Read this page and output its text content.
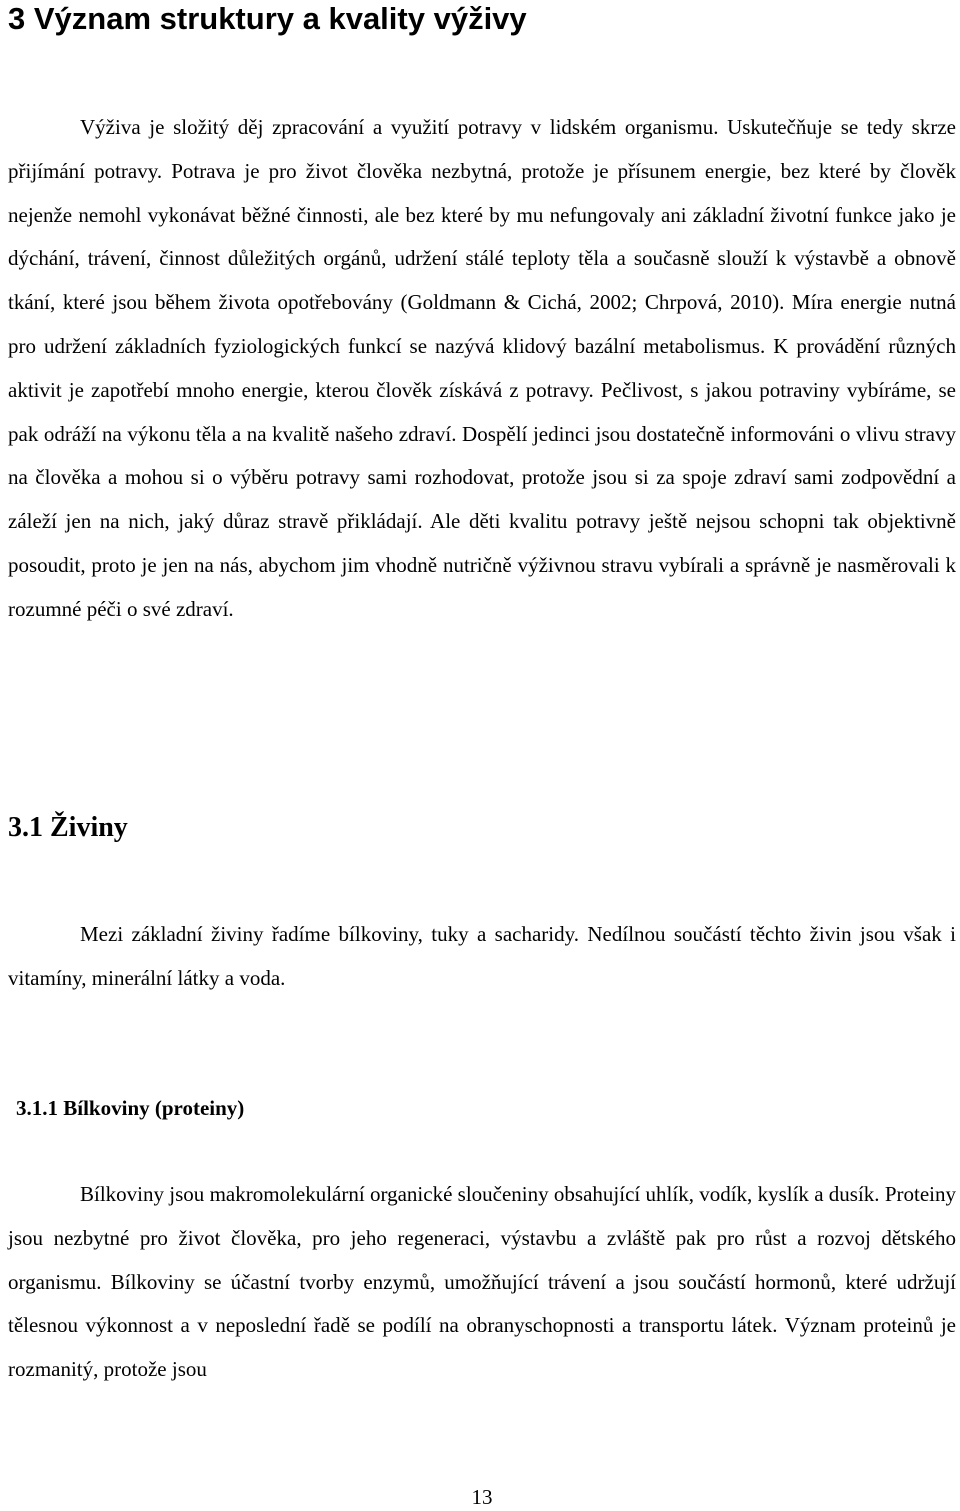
3 Význam struktury a kvality výživy

Výživa je složitý děj zpracování a využití potravy v lidském organismu. Uskutečňuje se tedy skrze přijímání potravy. Potrava je pro život člověka nezbytná, protože je přísunem energie, bez které by člověk nejenže nemohl vykonávat běžné činnosti, ale bez které by mu nefungovaly ani základní životní funkce jako je dýchání, trávení, činnost důležitých orgánů, udržení stálé teploty těla a současně slouží k výstavbě a obnově tkání, které jsou během života opotřebovány (Goldmann & Cichá, 2002; Chrpová, 2010). Míra energie nutná pro udržení základních fyziologických funkcí se nazývá klidový bazální metabolismus. K provádění různých aktivit je zapotřebí mnoho energie, kterou člověk získává z potravy. Pečlivost, s jakou potraviny vybíráme, se pak odráží na výkonu těla a na kvalitě našeho zdraví. Dospělí jedinci jsou dostatečně informováni o vlivu stravy na člověka a mohou si o výběru potravy sami rozhodovat, protože jsou si za spoje zdraví sami zodpovědní a záleží jen na nich, jaký důraz stravě přikládají. Ale děti kvalitu potravy ještě nejsou schopni tak objektivně posoudit, proto je jen na nás, abychom jim vhodně nutričně výživnou stravu vybírali a správně je nasměrovali k rozumné péči o své zdraví.

3.1 Živiny

Mezi základní živiny řadíme bílkoviny, tuky a sacharidy. Nedílnou součástí těchto živin jsou však i vitamíny, minerální látky a voda.

3.1.1 Bílkoviny (proteiny)

Bílkoviny jsou makromolekulární organické sloučeniny obsahující uhlík, vodík, kyslík a dusík. Proteiny jsou nezbytné pro život člověka, pro jeho regeneraci, výstavbu a zvláště pak pro růst a rozvoj dětského organismu. Bílkoviny se účastní tvorby enzymů, umožňující trávení a jsou součástí hormonů, které udržují tělesnou výkonnost a v neposlední řadě se podílí na obranyschopnosti a transportu látek. Význam proteinů je rozmanitý, protože jsou

13
